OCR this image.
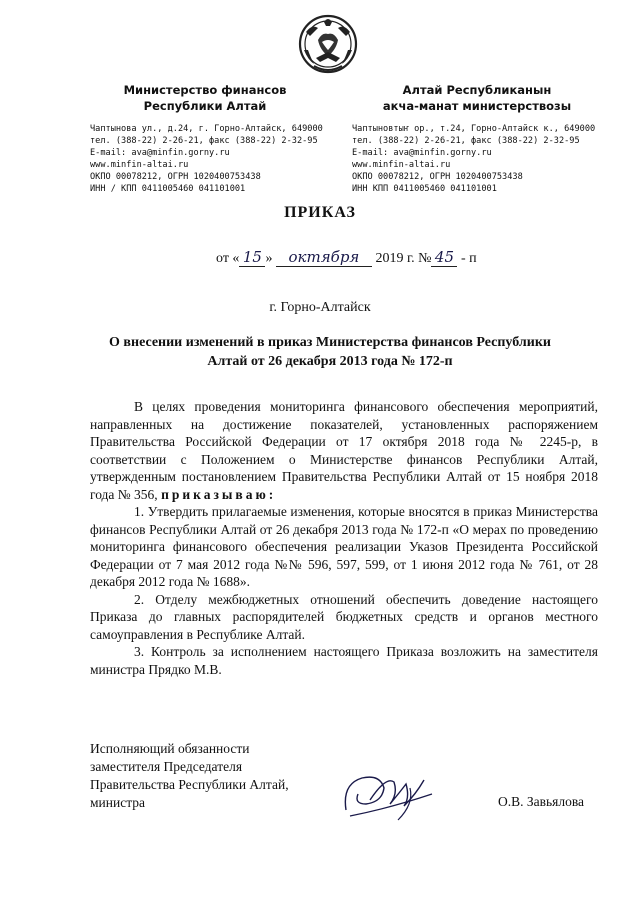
Министерство финансов
Республики Алтай
Чаптынова ул., д.24, г. Горно-Алтайск, 649000
тел. (388-22) 2-26-21, факс (388-22) 2-32-95
E-mail: ava@minfin.gorny.ru
www.minfin-altai.ru
ОКПО 00078212, ОГРН 1020400753438
ИНН / КПП 0411005460 041101001
Алтай Республиканын
акча-манат министерствозы
Чаптыновтыҥ ор., т.24, Горно-Алтайск к., 649000
тел. (388-22) 2-26-21, факс (388-22) 2-32-95
E-mail: ava@minfin.gorny.ru
www.minfin-altai.ru
ОКПО 00078212, ОГРН 1020400753438
ИНН КПП 0411005460 041101001
ПРИКАЗ
от « 15 » октября 2019 г. № 45 - п
г. Горно-Алтайск
О внесении изменений в приказ Министерства финансов Республики
Алтай от 26 декабря 2013 года № 172-п

В целях проведения мониторинга финансового обеспечения мероприятий, направленных на достижение показателей, установленных распоряжением Правительства Российской Федерации от 17 октября 2018 года № 2245-р, в соответствии с Положением о Министерстве финансов Республики Алтай, утвержденным постановлением Правительства Республики Алтай от 15 ноября 2018 года № 356, приказываю:

1. Утвердить прилагаемые изменения, которые вносятся в приказ Министерства финансов Республики Алтай от 26 декабря 2013 года № 172-п «О мерах по проведению мониторинга финансового обеспечения реализации Указов Президента Российской Федерации от 7 мая 2012 года №№ 596, 597, 599, от 1 июня 2012 года № 761, от 28 декабря 2012 года № 1688».

2. Отделу межбюджетных отношений обеспечить доведение настоящего Приказа до главных распорядителей бюджетных средств и органов местного самоуправления в Республике Алтай.

3. Контроль за исполнением настоящего Приказа возложить на заместителя министра Прядко М.В.

Исполняющий обязанности
заместителя Председателя
Правительства Республики Алтай,
министра	О.В. Завьялова
